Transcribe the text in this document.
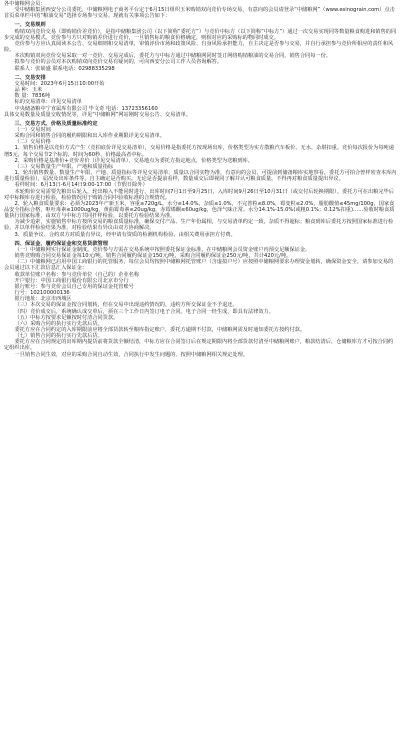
各中储粮网会员：

受中储粮集团西安分公司委托，中储粮网电子商务平台定于6月15日组织玉米购销双向竞价专场交易，有意向的会员请登录“中储粮网”（www.esinograin.com）点击首页菜单栏中的“粮油交易”选择专场参与交易。现就有关事项公告如下：

一、交易规则

购销双向竞价交易（即购销价差竞价），是指中储粮集团公司（以下简称“委托方”）与竞价中标方（以下简称“中标方”）通过一次交易实现同等数量粮食购进和销售的同步完成的交易模式。竞价参与方只对购销差价进行竞价，一旦销售标的粮食价格确定，则相对应的采购标的物同时成交。

竞价参与方应认真阅读本公告、交易细则和交易清单，审慎评价市场和政策风险、自身风险承担能力，自主决定是否参与交易，并自行承担参与竞价所相应的责任和风险。

本次购销双向竞价交易采取一对一竞价、交易完成后，委托方与中标方通过中储粮网同时签订网络购销粮油的交易合同，销售合同每一份。

拟参与竞价的会员对本次购销双向竞价交易有疑问的，可向西安分公司工作人员咨询解答。

联系人：张崭盛 联系电话：02988335298

二、交易安排

交易时间：2023年6月15日10:00开始

品 种：玉米

数 量：7836吨

标的交易清单：详见交易清单

中央储备粮中宁直属库有限公司 毕文奇 电话：13723356160

具体交易数量及质量交收情况等，详见“中储粮网”网站刚时交易公告、交易清单。

三、交易方式、价格及质量标准约定

（一）交易时间

采购合同和销售合同的履约期限和出入库作业期限详见交易清单。

（二）交易价格

1、销售价格是以竞价方式产生（竞拍底价详见交易清单），交易价格是指委托方按现场出库，价格类型为实方散粮汽车板价、无水、杂堪扣重。竞价每次报价为每吨递增5元，每个交易节2个标的，时间为60秒，价格最高者中标。

2、采购价格是基准价+竞价差价（详见交易清单），交易地点为委托方指定地点，价格类型为送粮到库。

（三）交易数量生产年限、产地和质量指标

1、轮出销售数量、数量生产年限、产地、质量指标等详见交易清单，质量以合同实物为准，有意向的会员，可提前到储备粮库实地察看，委托方可拍合曾样密查本库内进行质量检验），届况及出库条件等，自主确定是否购买。无论是否提前看样，数量成交后即视同了解并认可粮食质量，不得再对粮食质量提出异议。

看样时间：6月13日-6月14日9:00-17:00（节假日除外）

本轮购价交易需要先粮出后轮入，轮出粮入不能同时进行，出库时间7月1日至9月25日，入库时间9月26日至10月31日（或交付后轮换期限）。委托方可在出粮完毕后对中标粮库存进行检验，检验情况用于购销合同中验收标准的合规情况。

2、轮入粮食质量要求：必须为2023年产新玉米，容重≥720g/L，水分≤14.0%，杂质≤1.0%，不完善粒≤8.0%，霉变粒≤2.0%，脂肪酸值≤45mg/100g，国家食品安全指标合格，呕吐毒素≤1000ug/kg，黄曲霉毒素≤20ug/kg，赤霉烯酮≤60ug/kg，色泽气味正常。水分14.1%-15.0%(或粗0.1%；0.12%扣重)……验收时粮食质量执行国家标准，由双方与中标方共同扦样检验，以委托方检验结果为准。

为减少追索，实施销售中标方按所交易的粮食质量标准，确保交付产品、生产年份属相，与交易清单约定一致，杂质不得超标；粮食到库后委托方按照国家标准进行检验，并以单样检验结果为准，对检验结果有异议由双方协商解决。

3、质量争议、合约双方对质量有异议，经申请有资质的检测机构检验，由相关费用承担方付费。

四、保证金、履约保证金和交易货款管理

（一）中储粮网实行保证金制度。竞价参与方需在交易系统中按照委托保证金标准、在中储粮网会员资金账户内预交足额保证金。

销售竞购购合同交易保证金每10元/吨。销售合同履约保证金150元/吨，采购合同履约保证金250元/吨，共计420元/吨。

（二）中储粮网已启用中国工商银行的托管服务，每位会员均按照中储粮网托管账户（含虚拟户号）应按照中储粮网要求办理资金划转，确保资金安全。请参加交易的会员通过以下汇款信息汇入保证金：

收款单位账户名称：参与竞价单位（自己的）企业名称

开户银行：中国工商银行股份有限公司北京市分行

银行账号：参与竞价会员自己专用的保证金托管账号

行号：102100000136

银行地址：北京市西城区

（三）本次交易的保证金按合同划转，但在交易中出现违约情况的，违约方所交保证金不予退还。

（四）竞价成交后，系统确认成交单后，须在三个工作日内签订电子合同。电子合同一经生成，即具有法律效力。

（五）中标方按要求足额按时付清合同货款。

（六）采购合同的执行实行先款后货。

委托方应在合同约定的入库期限前应将全部货款转至粮库指定账户，委托方逾期不付款，中储粮网需及时通知委托方按约付款。

（七）销售合同的执行实行先款后货。

委托方应在合同规定的出库期内提货前将货款全额结清，中标方应在合同签订后在规定期限内将全部货款付清至中储粮网账户，粮款结清后，仓储粮库方才可按合同约定组织出库。

一旦销售合同生效，对应的采购合同自动生效，合同执行中发生问题的，按照中储粮网相关规定处理。
